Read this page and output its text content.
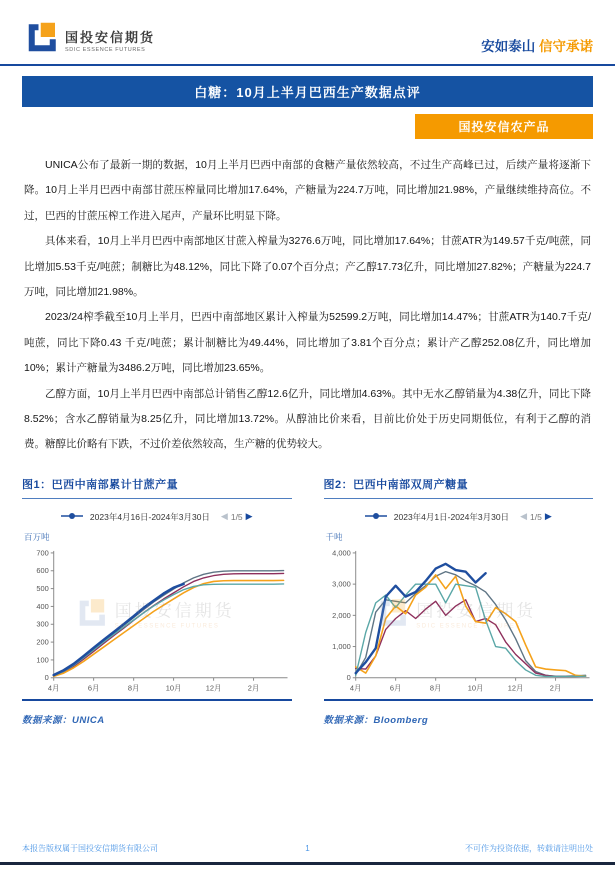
国投安信期货
SDIC ESSENCE FUTURES	安如泰山 信守承诺
白糖：10月上半月巴西生产数据点评
国投安信农产品

UNICA公布了最新一期的数据，10月上半月巴西中南部的食糖产量依然较高，不过生产高峰已过，后续产量将逐渐下降。10月上半月巴西中南部甘蔗压榨量同比增加17.64%，产糖量为224.7万吨，同比增加21.98%，产量继续维持高位。不过，巴西的甘蔗压榨工作进入尾声，产量环比明显下降。

具体来看，10月上半月巴西中南部地区甘蔗入榨量为3276.6万吨，同比增加17.64%；甘蔗ATR为149.57千克/吨蔗，同比增加5.53千克/吨蔗；制糖比为48.12%，同比下降了0.07个百分点；产乙醇17.73亿升，同比增加27.82%；产糖量为224.7万吨，同比增加21.98%。

2023/24榨季截至10月上半月，巴西中南部地区累计入榨量为52599.2万吨，同比增加14.47%；甘蔗ATR为140.7千克/吨蔗，同比下降0.43 千克/吨蔗；累计制糖比为49.44%，同比增加了3.81个百分点；累计产乙醇252.08亿升，同比增加10%；累计产糖量为3486.2万吨，同比增加23.65%。

乙醇方面，10月上半月巴西中南部总计销售乙醇12.6亿升，同比增加4.63%。其中无水乙醇销量为4.38亿升，同比下降8.52%；含水乙醇销量为8.25亿升，同比增加13.72%。从醇油比价来看，目前比价处于历史同期低位，有利于乙醇的消费。糖醇比价略有下跌，不过价差依然较高，生产糖的优势较大。

图1：巴西中南部累计甘蔗产量
2023年4月16日-2024年3月30日 ◀ 1/5 ▶
百万吨
0
100
200
300
400
500
600
700
4月	6月	8月	10月	12月	2月
国投安信期货
SDIC ESSENCE FUTURES
数据来源：UNICA
图2：巴西中南部双周产糖量
2023年4月1日-2024年3月30日 ◀ 1/5 ▶
千吨
0
1,000
2,000
3,000
4,000
4月	6月	8月	10月	12月	2月
国投安信期货
SDIC ESSENCE FUTURES
数据来源：Bloomberg
本报告版权属于国投安信期货有限公司	1	不可作为投资依据，转载请注明出处
